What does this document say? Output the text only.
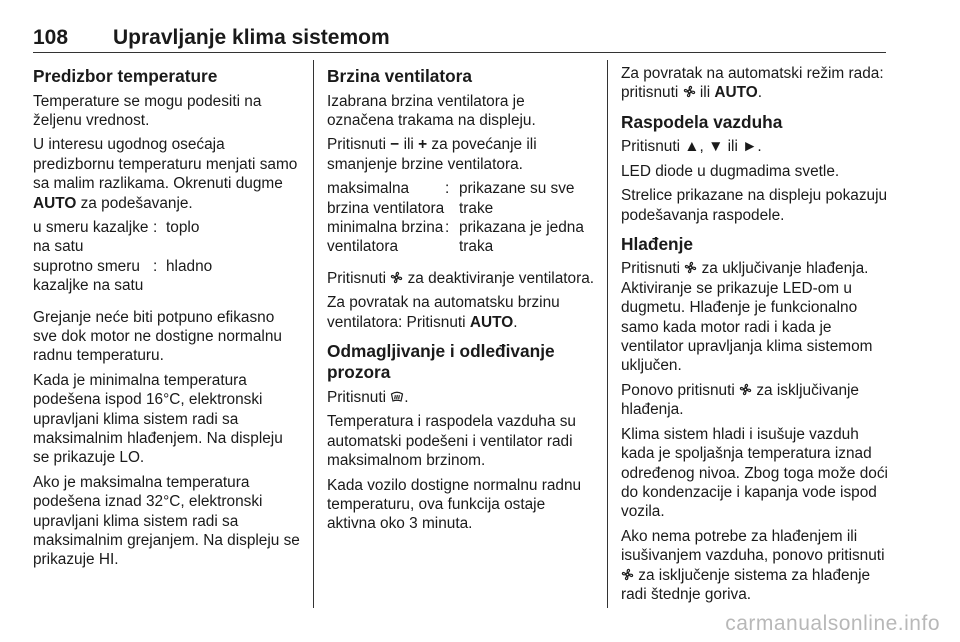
108 Upravljanje klima sistemom
Predizbor temperature

Temperature se mogu podesiti na željenu vrednost.

U interesu ugodnog osećaja predizbornu temperaturu menjati samo sa malim razlikama. Okrenuti dugme AUTO za podešavanje.

u smeru kazaljke na satu
: toplo
suprotno smeru kazaljke na satu
: hladno

Grejanje neće biti potpuno efikasno sve dok motor ne dostigne normalnu radnu temperaturu.

Kada je minimalna temperatura podešena ispod 16°C, elektronski upravljani klima sistem radi sa maksimalnim hlađenjem. Na displeju se prikazuje LO.

Ako je maksimalna temperatura podešena iznad 32°C, elektronski upravljani klima sistem radi sa maksimalnim grejanjem. Na displeju se prikazuje HI.

Brzina ventilatora

Izabrana brzina ventilatora je označena trakama na displeju.

Pritisnuti − ili + za povećanje ili smanjenje brzine ventilatora.

maksimalna brzina ventilatora
: prikazane su sve trake
minimalna brzina ventilatora
: prikazana je jedna traka

Pritisnuti  za deaktiviranje ventilatora.

Za povratak na automatsku brzinu ventilatora: Pritisnuti AUTO.

Odmagljivanje i odleđivanje prozora

Pritisnuti .

Temperatura i raspodela vazduha su automatski podešeni i ventilator radi maksimalnom brzinom.

Kada vozilo dostigne normalnu radnu temperaturu, ova funkcija ostaje aktivna oko 3 minuta.

Za povratak na automatski režim rada: pritisnuti  ili AUTO.

Raspodela vazduha

Pritisnuti ▲, ▼ ili ►.

LED diode u dugmadima svetle.

Strelice prikazane na displeju pokazuju podešavanja raspodele.

Hlađenje

Pritisnuti  za uključivanje hlađenja. Aktiviranje se prikazuje LED-om u dugmetu. Hlađenje je funkcionalno samo kada motor radi i kada je ventilator upravljanja klima sistemom uključen.

Ponovo pritisnuti  za isključivanje hlađenja.

Klima sistem hladi i isušuje vazduh kada je spoljašnja temperatura iznad određenog nivoa. Zbog toga može doći do kondenzacije i kapanja vode ispod vozila.

Ako nema potrebe za hlađenjem ili isušivanjem vazduha, ponovo pritisnuti  za isključenje sistema za hlađenje radi štednje goriva.

carmanualsonline.info
